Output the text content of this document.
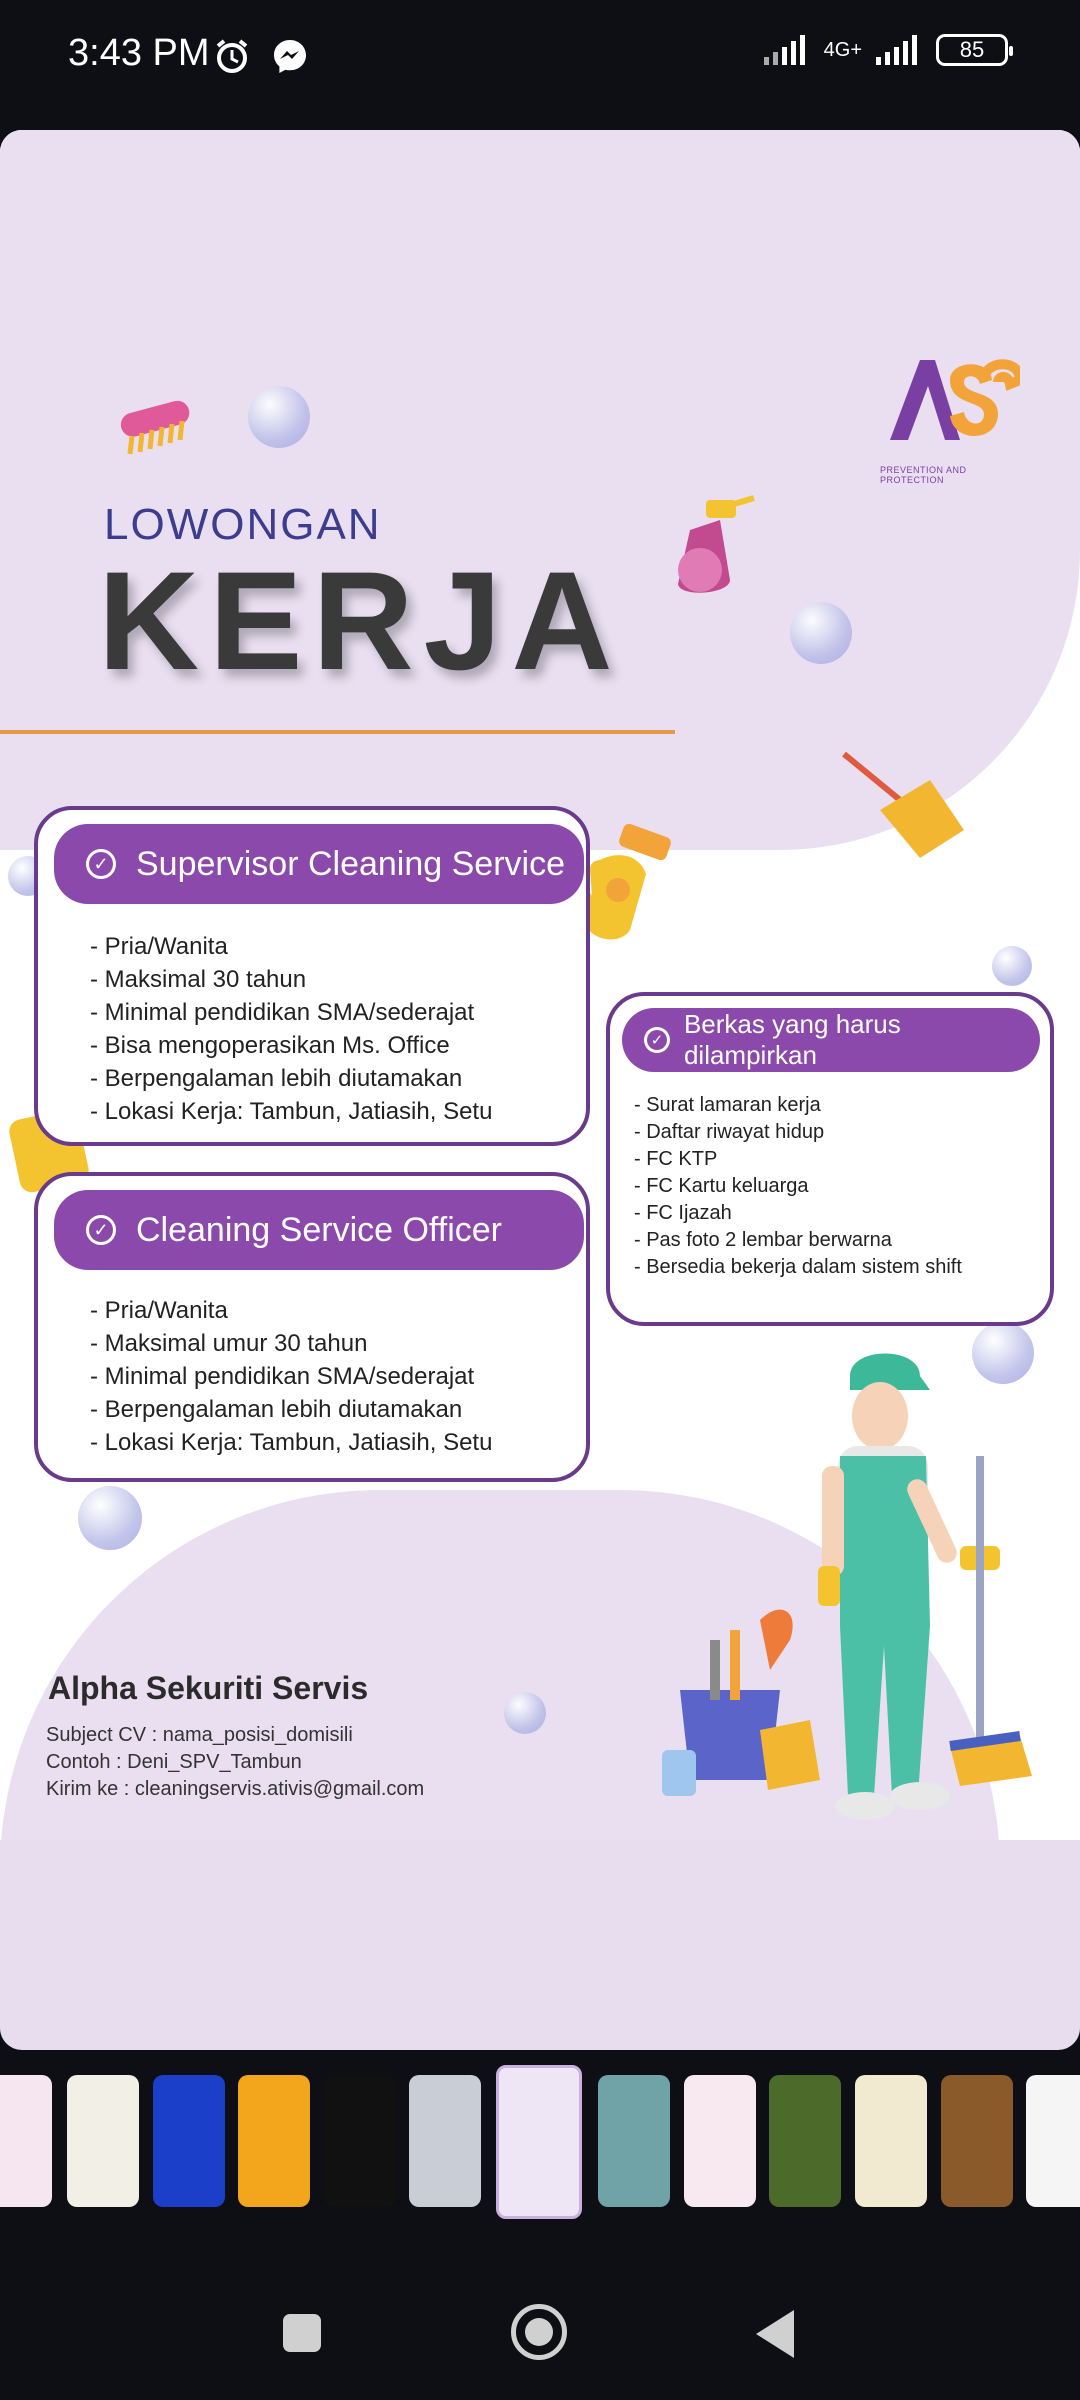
3:43 PM	4G+	85
PREVENTION AND PROTECTION
LOWONGAN
KERJA
✓ Supervisor Cleaning Service
- Pria/Wanita
- Maksimal 30 tahun
- Minimal pendidikan SMA/sederajat
- Bisa mengoperasikan Ms. Office
- Berpengalaman lebih diutamakan
- Lokasi Kerja: Tambun, Jatiasih, Setu
✓ Cleaning Service Officer
- Pria/Wanita
- Maksimal umur 30 tahun
- Minimal pendidikan SMA/sederajat
- Berpengalaman lebih diutamakan
- Lokasi Kerja: Tambun, Jatiasih, Setu
✓
Berkas yang harus dilampirkan
- Surat lamaran kerja
- Daftar riwayat hidup
- FC KTP
- FC Kartu keluarga
- FC Ijazah
- Pas foto 2 lembar berwarna
- Bersedia bekerja dalam sistem shift
Alpha Sekuriti Servis
Subject CV : nama_posisi_domisili
Contoh : Deni_SPV_Tambun
Kirim ke : cleaningservis.ativis@gmail.com
